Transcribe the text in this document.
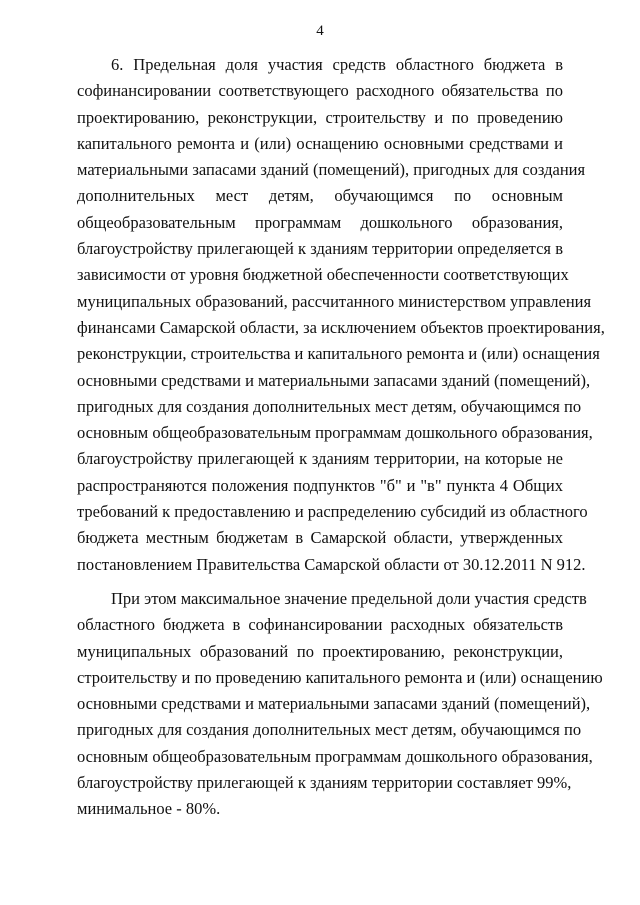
4
6. Предельная доля участия средств областного бюджета в
софинансировании соответствующего расходного обязательства по
проектированию, реконструкции, строительству и по проведению
капитального ремонта и (или) оснащению основными средствами и
материальными запасами зданий (помещений), пригодных для создания
дополнительных мест детям, обучающимся по основным
общеобразовательным программам дошкольного образования,
благоустройству прилегающей к зданиям территории определяется в
зависимости от уровня бюджетной обеспеченности соответствующих
муниципальных образований, рассчитанного министерством управления
финансами Самарской области, за исключением объектов проектирования,
реконструкции, строительства и капитального ремонта и (или) оснащения
основными средствами и материальными запасами зданий (помещений),
пригодных для создания дополнительных мест детям, обучающимся по
основным общеобразовательным программам дошкольного образования,
благоустройству прилегающей к зданиям территории, на которые не
распространяются положения подпунктов "б" и "в" пункта 4 Общих
требований к предоставлению и распределению субсидий из областного
бюджета местным бюджетам в Самарской области, утвержденных
постановлением Правительства Самарской области от 30.12.2011 N 912.
При этом максимальное значение предельной доли участия средств
областного бюджета в софинансировании расходных обязательств
муниципальных образований по проектированию, реконструкции,
строительству и по проведению капитального ремонта и (или) оснащению
основными средствами и материальными запасами зданий (помещений),
пригодных для создания дополнительных мест детям, обучающимся по
основным общеобразовательным программам дошкольного образования,
благоустройству прилегающей к зданиям территории составляет 99%,
минимальное - 80%.
